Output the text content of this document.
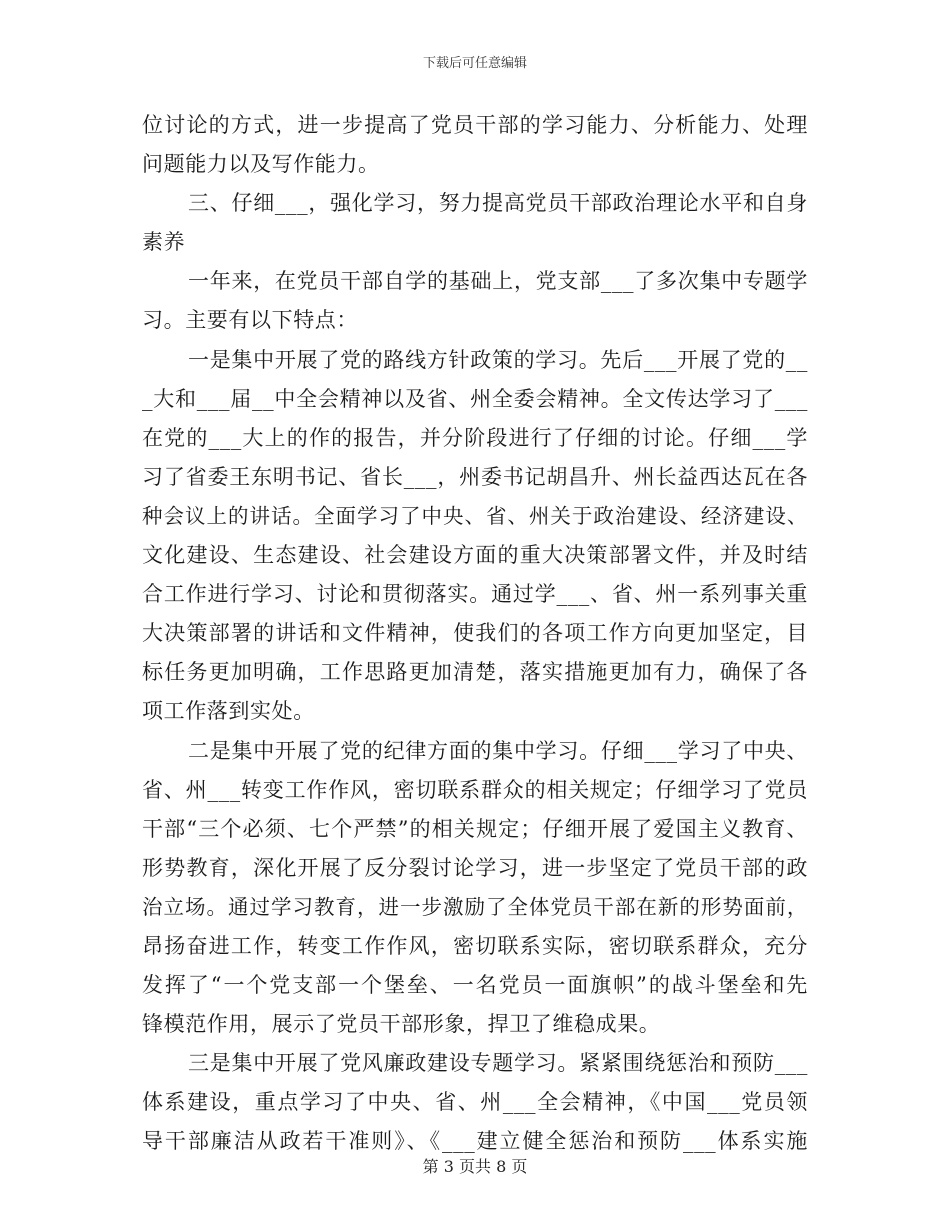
下载后可任意编辑
位讨论的方式，进一步提高了党员干部的学习能力、分析能力、处理
问题能力以及写作能力。
三、仔细___，强化学习，努力提高党员干部政治理论水平和自身
素养
一年来，在党员干部自学的基础上，党支部___了多次集中专题学
习。主要有以下特点：
一是集中开展了党的路线方针政策的学习。先后___开展了党的__
_大和___届__中全会精神以及省、州全委会精神。全文传达学习了___
在党的___大上的作的报告，并分阶段进行了仔细的讨论。仔细___学
习了省委王东明书记、省长___，州委书记胡昌升、州长益西达瓦在各
种会议上的讲话。全面学习了中央、省、州关于政治建设、经济建设、
文化建设、生态建设、社会建设方面的重大决策部署文件，并及时结
合工作进行学习、讨论和贯彻落实。通过学___、省、州一系列事关重
大决策部署的讲话和文件精神，使我们的各项工作方向更加坚定，目
标任务更加明确，工作思路更加清楚，落实措施更加有力，确保了各
项工作落到实处。
二是集中开展了党的纪律方面的集中学习。仔细___学习了中央、
省、州___转变工作作风，密切联系群众的相关规定；仔细学习了党员
干部“三个必须、七个严禁”的相关规定；仔细开展了爱国主义教育、
形势教育，深化开展了反分裂讨论学习，进一步坚定了党员干部的政
治立场。通过学习教育，进一步激励了全体党员干部在新的形势面前，
昂扬奋进工作，转变工作作风，密切联系实际，密切联系群众，充分
发挥了“一个党支部一个堡垒、一名党员一面旗帜”的战斗堡垒和先
锋模范作用，展示了党员干部形象，捍卫了维稳成果。
三是集中开展了党风廉政建设专题学习。紧紧围绕惩治和预防___
体系建设，重点学习了中央、省、州___全会精神，《中国___党员领
导干部廉洁从政若干准则》、《___建立健全惩治和预防___体系实施
第 3 页共 8 页
